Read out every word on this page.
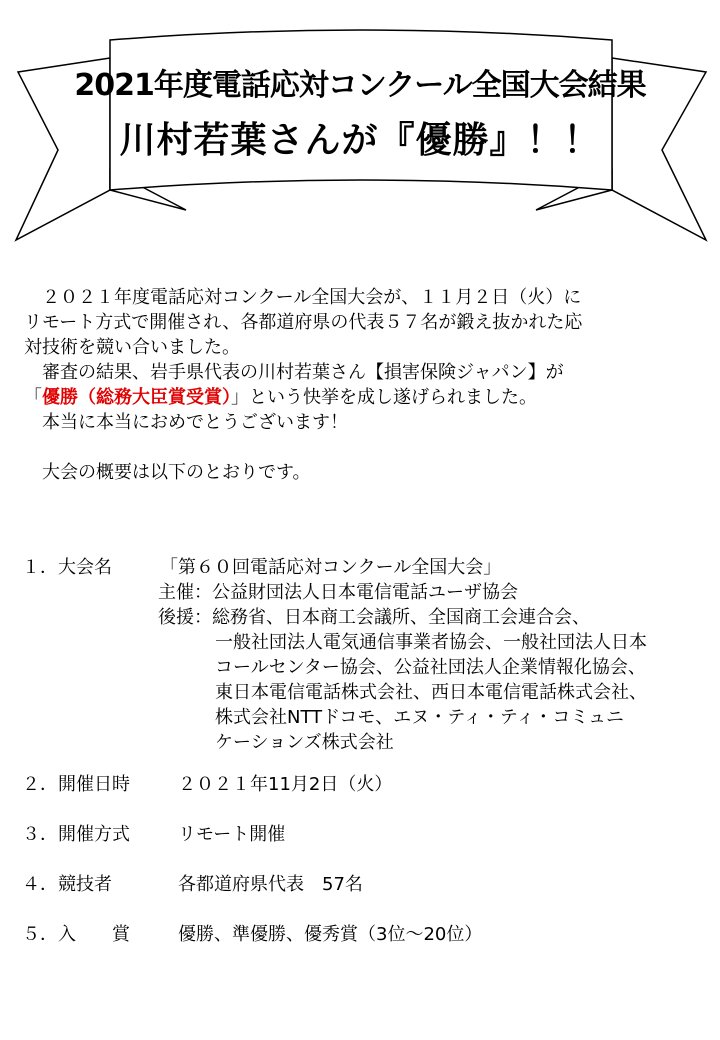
2021年度電話応対コンクール全国大会結果
川村若葉さんが『優勝』！！

　２０２１年度電話応対コンクール全国大会が、１１月２日（火）に

リモート方式で開催され、各都道府県の代表５７名が鍛え抜かれた応

対技術を競い合いました。

　審査の結果、岩手県代表の川村若葉さん【損害保険ジャパン】が

「優勝（総務大臣賞受賞）」という快挙を成し遂げられました。

　本当に本当におめでとうございます！

　大会の概要は以下のとおりです。

１．大会名	「第６０回電話応対コンクール全国大会」

主催：公益財団法人日本電信電話ユーザ協会

後援：総務省、日本商工会議所、全国商工会連合会、

一般社団法人電気通信事業者協会、一般社団法人日本

コールセンター協会、公益社団法人企業情報化協会、

東日本電信電話株式会社、西日本電信電話株式会社、

株式会社NTTドコモ、エヌ・ティ・ティ・コミュニ

ケーションズ株式会社

２．開催日時	２０２１年11月2日（火）

３．開催方式	リモート開催

４．競技者	各都道府県代表　57名

５．入　　賞	優勝、準優勝、優秀賞（3位～20位）
